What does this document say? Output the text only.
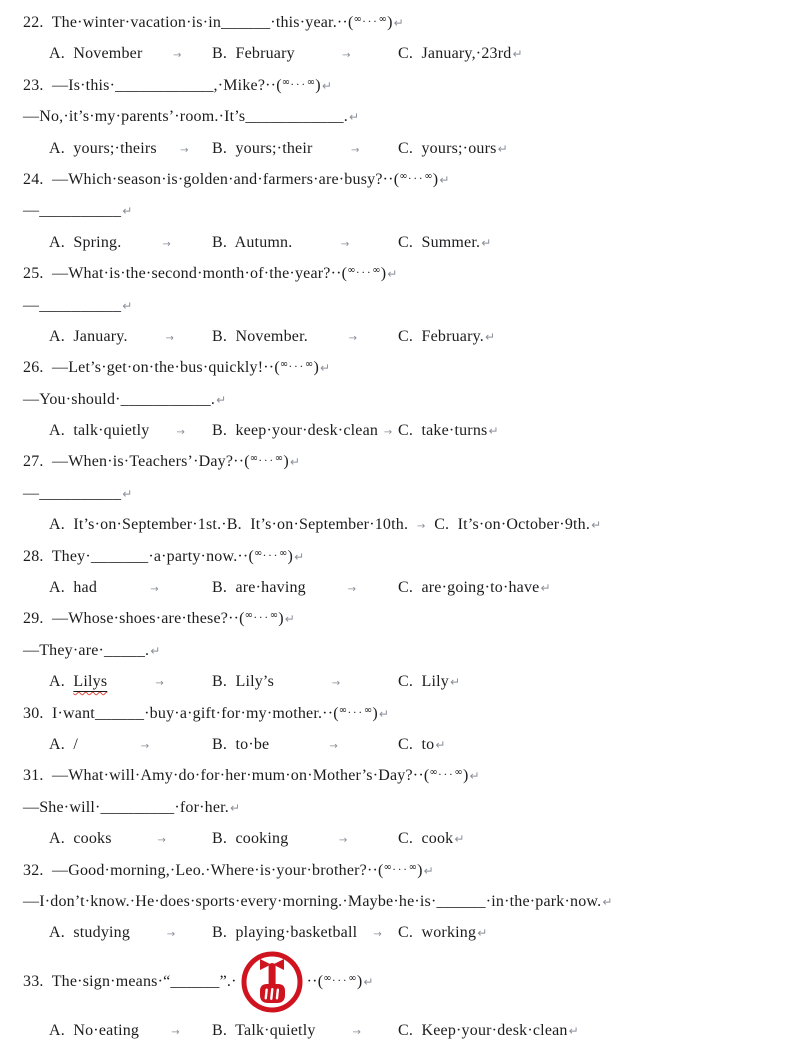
22.  The·winter·vacation·is·in______·this·year.··(∞···∞)↵
A.  November	→ B.  February	→	C.  January,·23rd ↵
23.  —Is·this·____________,·Mike?··(∞···∞)↵
—No,·it’s·my·parents’·room.·It’s____________.↵
A.  yours;·theirs → B.  yours;·their	→ C.  yours;·ours ↵
24.  —Which·season·is·golden·and·farmers·are·busy?··(∞···∞)↵
—__________↵
A.  Spring.	→	B.  Autumn.	→	C.  Summer. ↵
25.  —What·is·the·second·month·of·the·year?··(∞···∞)↵
—__________↵
A.  January.	→ B.  November.	→	C.  February. ↵
26.  —Let’s·get·on·the·bus·quickly!··(∞···∞)↵
—You·should·___________.↵
A.  talk·quietly	→ B.  keep·your·desk·clean → C.  take·turns ↵
27.  —When·is·Teachers’·Day?··(∞···∞)↵
—__________↵
A.  It’s·on·September·1st.·B.  It’s·on·September·10th. → C.  It’s·on·October·9th.↵
28.  They·_______·a·party·now.··(∞···∞)↵
A.  had	→	B.  are·having	→	C.  are·going·to·have ↵
29.  —Whose·shoes·are·these?··(∞···∞)↵
—They·are·_____.↵
A. Lilys	→	B.  Lily’s	→	C.  Lily ↵
30.  I·want______·buy·a·gift·for·my·mother.··(∞···∞)↵
A.  /	→	B.  to·be	→	C.  to ↵
31.  —What·will·Amy·do·for·her·mum·on·Mother’s·Day?··(∞···∞)↵
—She·will·_________·for·her.↵
A.  cooks	→	B.  cooking	→	C.  cook ↵
32.  —Good·morning,·Leo.·Where·is·your·brother?··(∞···∞)↵
—I·don’t·know.·He·does·sports·every·morning.·Maybe·he·is·______·in·the·park·now.↵
A.  studying	→ B.  playing·basketball → C.  working ↵
33.  The·sign·means·“______”.·	·· (∞···∞) ↵
A.  No·eating	→ B.  Talk·quietly	→ C.  Keep·your·desk·clean ↵
